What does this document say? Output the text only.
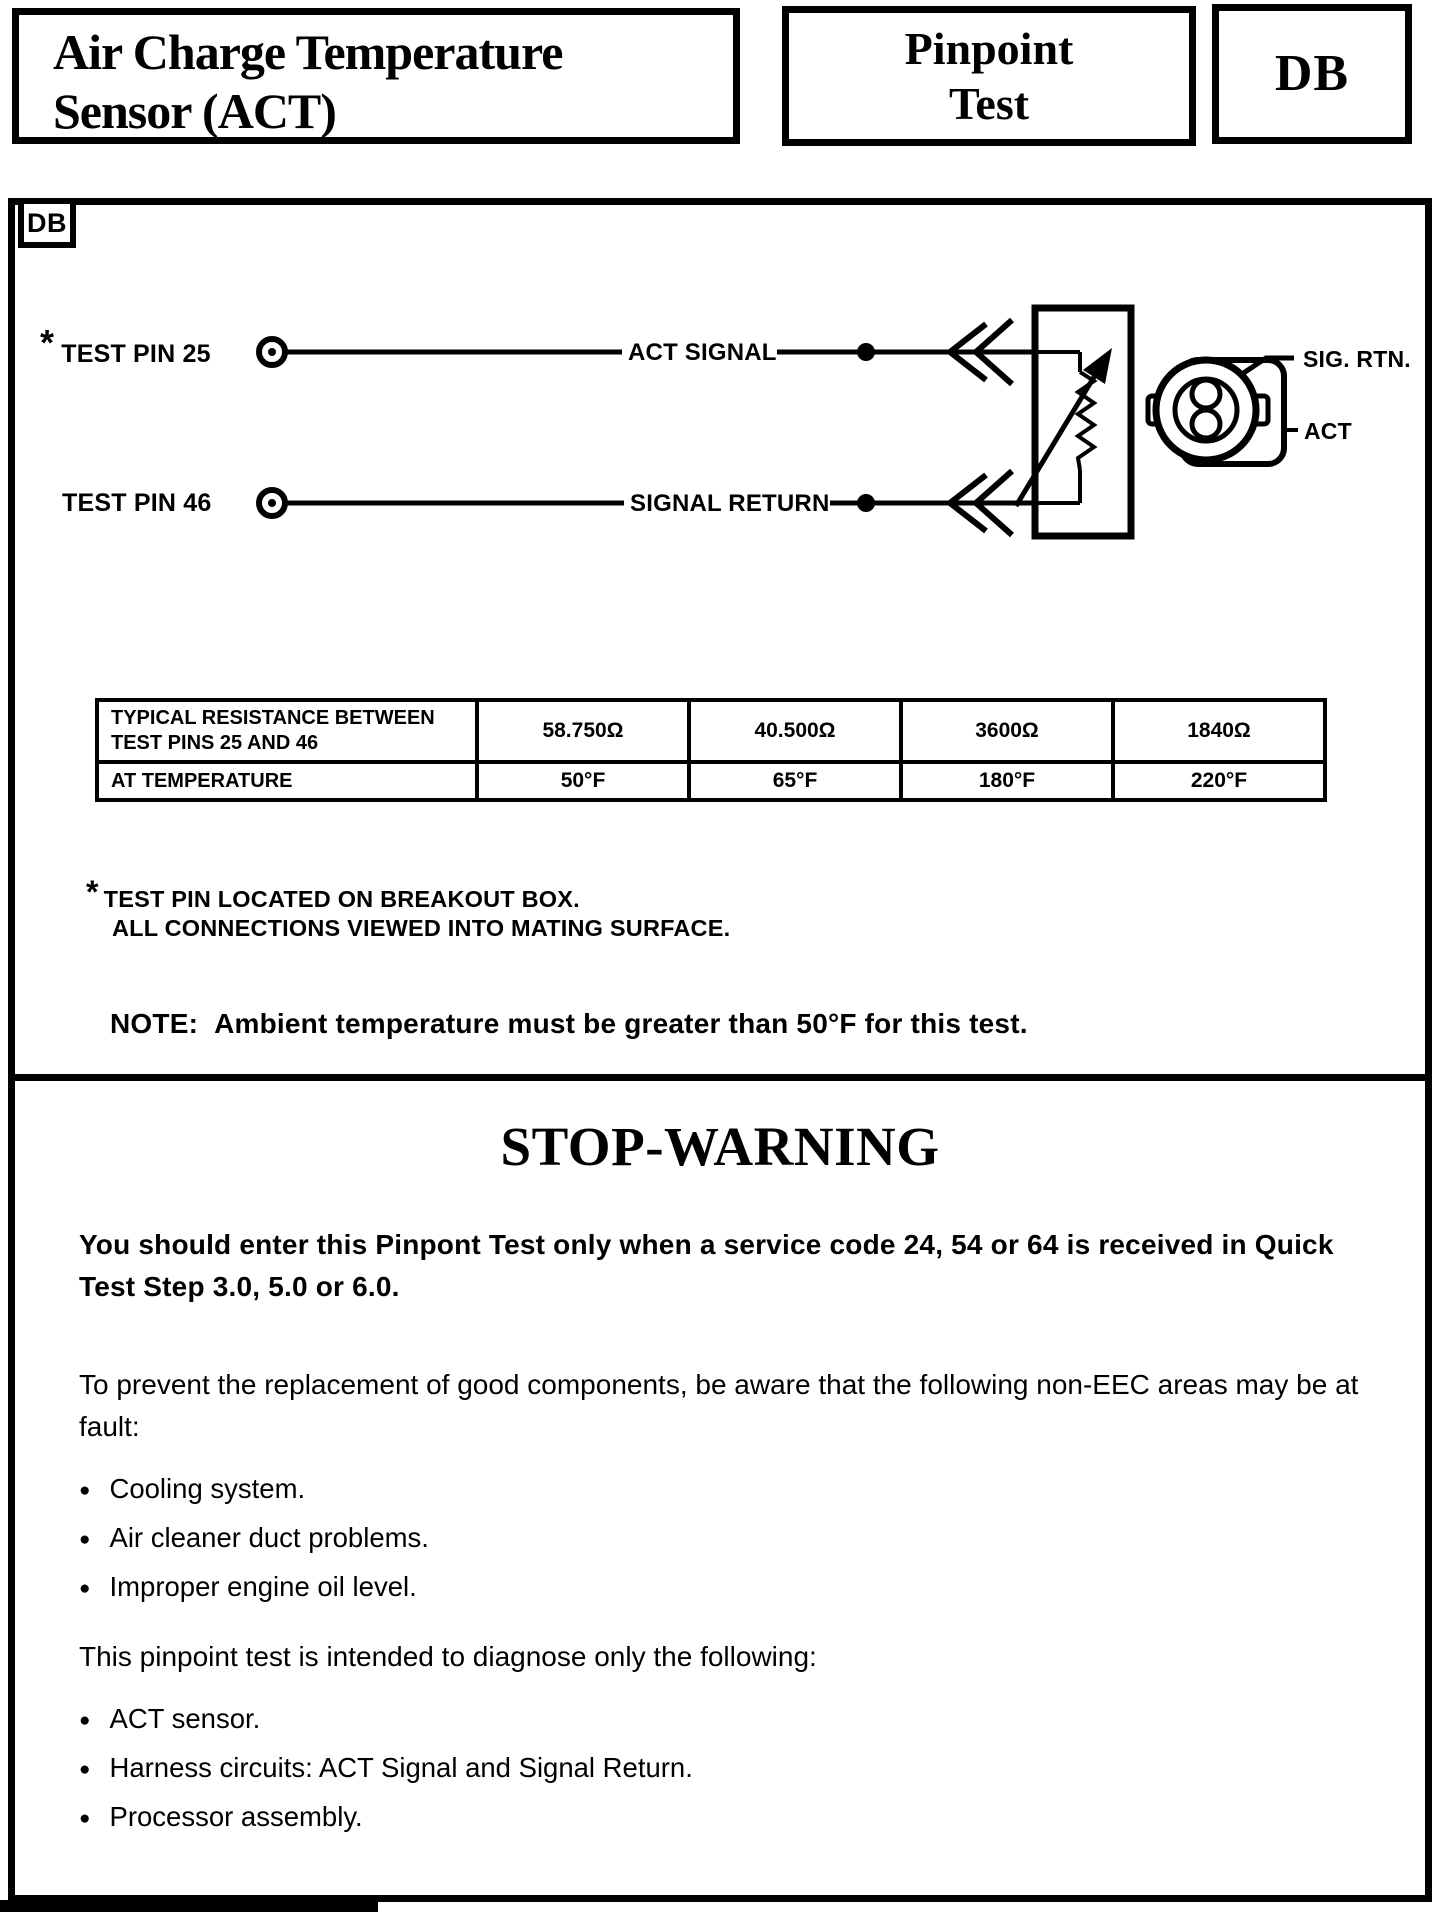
Air Charge Temperature
Sensor (ACT)
Pinpoint
Test
DB
DB
* TEST PIN 25
TEST PIN 46
ACT SIGNAL
SIGNAL RETURN
SIG. RTN.
ACT
TYPICAL RESISTANCE BETWEEN
TEST PINS 25 AND 46	58.750Ω	40.500Ω	3600Ω	1840Ω
AT TEMPERATURE	50°F	65°F	180°F	220°F
* TEST PIN LOCATED ON BREAKOUT BOX.
ALL CONNECTIONS VIEWED INTO MATING SURFACE.
NOTE: Ambient temperature must be greater than 50°F for this test.
STOP-WARNING
You should enter this Pinpont Test only when a service code 24, 54 or 64 is received in Quick Test Step 3.0, 5.0 or 6.0.
To prevent the replacement of good components, be aware that the following non-EEC areas may be at fault:
● Cooling system.
● Air cleaner duct problems.
● Improper engine oil level.
This pinpoint test is intended to diagnose only the following:
● ACT sensor.
● Harness circuits: ACT Signal and Signal Return.
● Processor assembly.
